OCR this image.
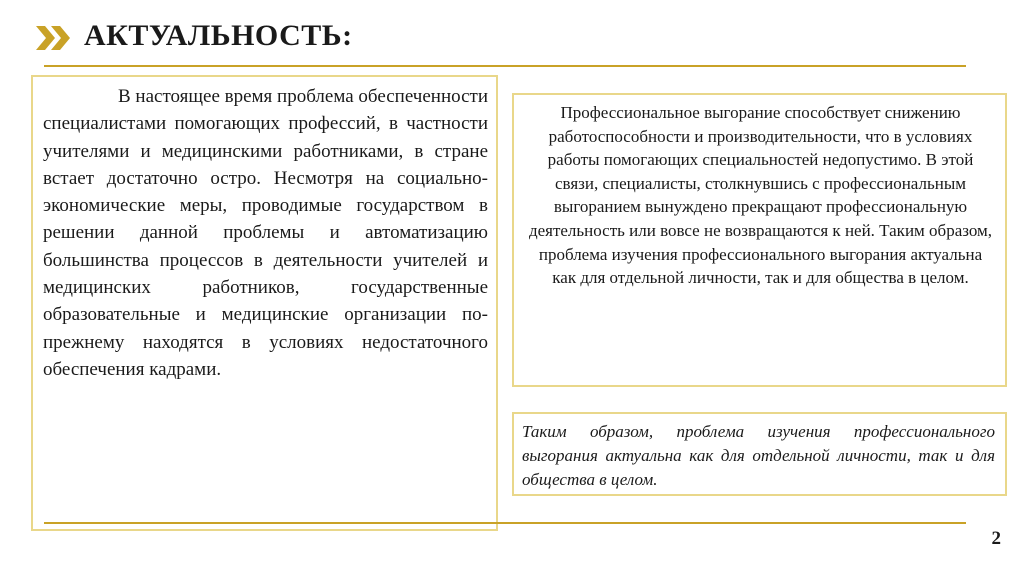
АКТУАЛЬНОСТЬ:

В настоящее время проблема обеспеченности специалистами помогающих профессий, в частности учителями и медицинскими работниками, в стране встает достаточно остро. Несмотря на социально-экономические меры, проводимые государством в решении данной проблемы и автоматизацию большинства процессов в деятельности учителей и медицинских работников, государственные образовательные и медицинские организации по-прежнему находятся в условиях недостаточного обеспечения кадрами.

Профессиональное выгорание способствует снижению работоспособности и производительности, что в условиях работы помогающих специальностей недопустимо. В этой связи, специалисты, столкнувшись с профессиональным выгоранием вынуждено прекращают профессиональную деятельность или вовсе не возвращаются к ней. Таким образом, проблема изучения профессионального выгорания актуальна как для отдельной личности, так и для общества в целом.

Таким образом, проблема изучения профессионального выгорания актуальна как для отдельной личности, так и для общества в целом.

2
